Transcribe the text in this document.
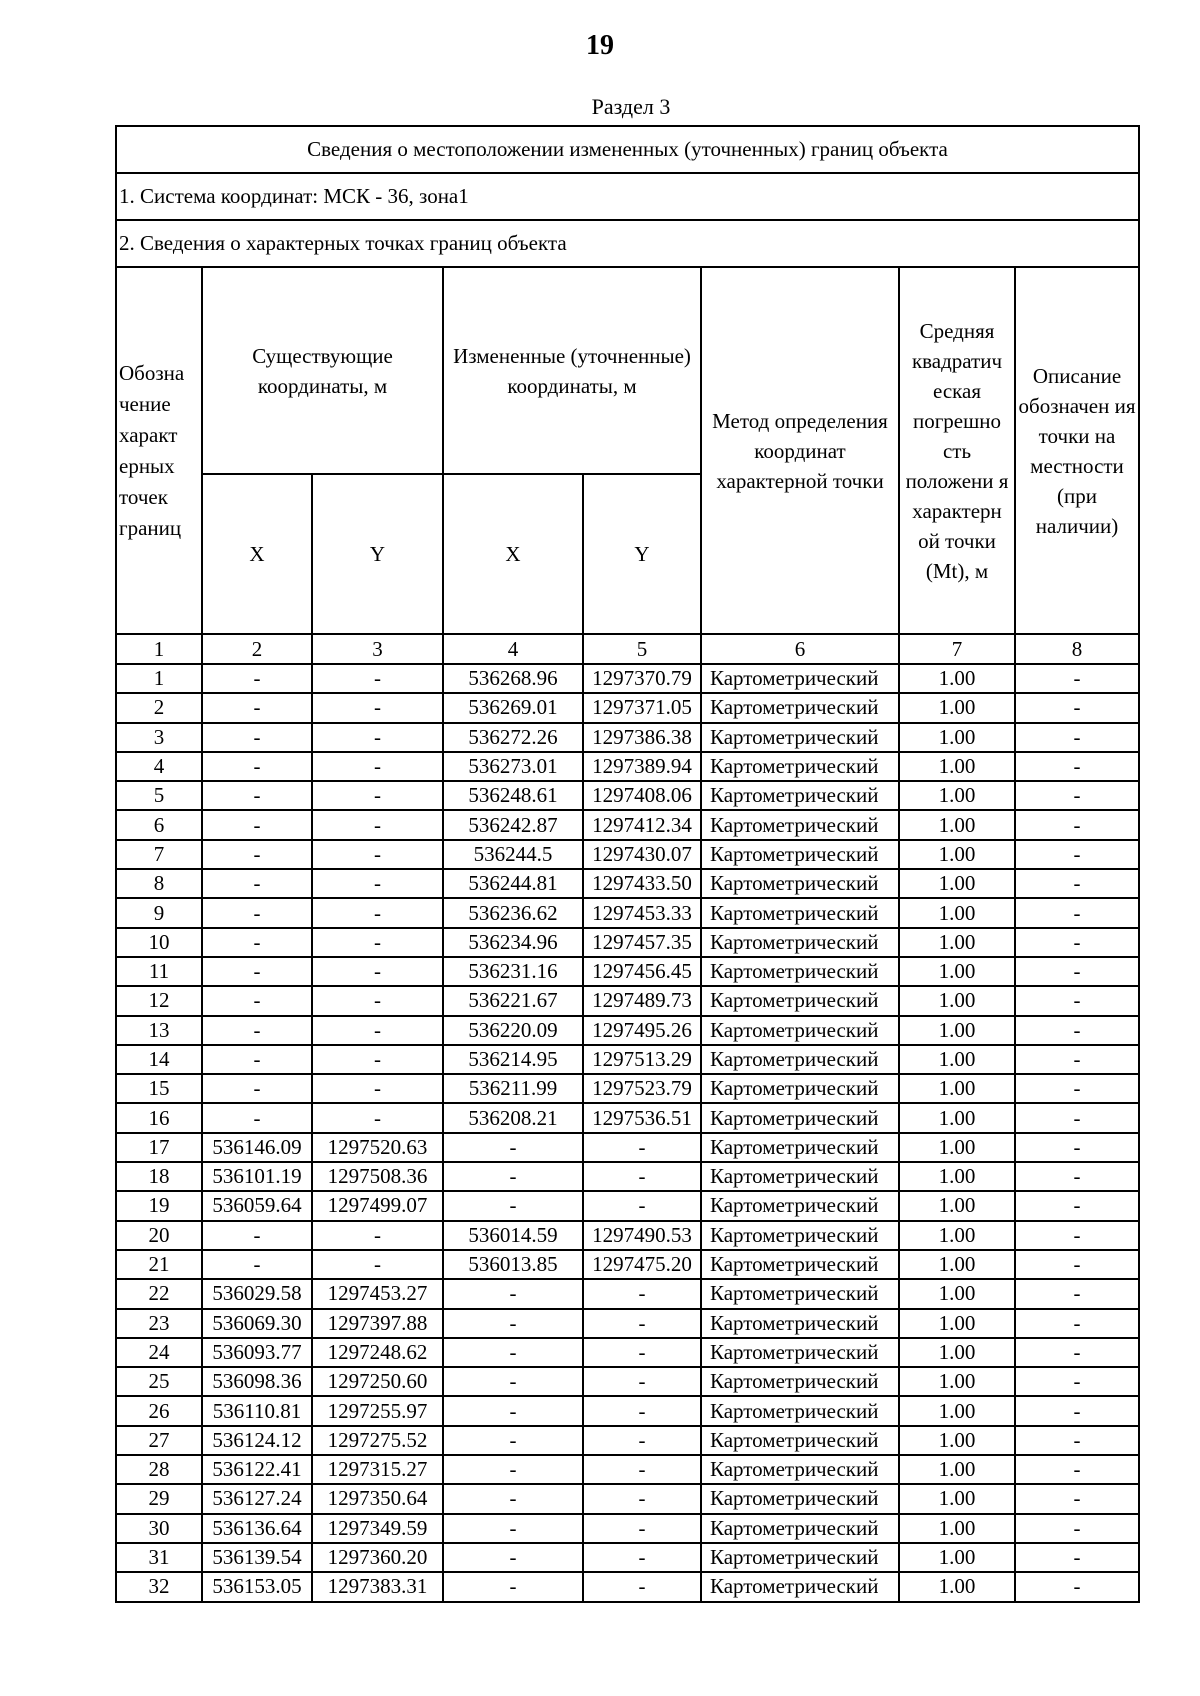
19
Раздел 3
Сведения о местоположении измененных (уточненных) границ объекта							
1. Система координат: МСК - 36, зона1							
2. Сведения о характерных точках границ объекта							
Обозна чение характ ерных точек границ	Существующие координаты, м		Измененные (уточненные) координаты, м		Метод определения координат характерной точки	Средняя квадратич еская погрешно сть положени я характерн ой точки (Mt), м	Описание обозначен ия точки на местности (при наличии)
	X	Y	X	Y			
1	2	3	4	5	6	7	8
1	-	-	536268.96	1297370.79	Картометрический	1.00	-
2	-	-	536269.01	1297371.05	Картометрический	1.00	-
3	-	-	536272.26	1297386.38	Картометрический	1.00	-
4	-	-	536273.01	1297389.94	Картометрический	1.00	-
5	-	-	536248.61	1297408.06	Картометрический	1.00	-
6	-	-	536242.87	1297412.34	Картометрический	1.00	-
7	-	-	536244.5	1297430.07	Картометрический	1.00	-
8	-	-	536244.81	1297433.50	Картометрический	1.00	-
9	-	-	536236.62	1297453.33	Картометрический	1.00	-
10	-	-	536234.96	1297457.35	Картометрический	1.00	-
11	-	-	536231.16	1297456.45	Картометрический	1.00	-
12	-	-	536221.67	1297489.73	Картометрический	1.00	-
13	-	-	536220.09	1297495.26	Картометрический	1.00	-
14	-	-	536214.95	1297513.29	Картометрический	1.00	-
15	-	-	536211.99	1297523.79	Картометрический	1.00	-
16	-	-	536208.21	1297536.51	Картометрический	1.00	-
17	536146.09	1297520.63	-	-	Картометрический	1.00	-
18	536101.19	1297508.36	-	-	Картометрический	1.00	-
19	536059.64	1297499.07	-	-	Картометрический	1.00	-
20	-	-	536014.59	1297490.53	Картометрический	1.00	-
21	-	-	536013.85	1297475.20	Картометрический	1.00	-
22	536029.58	1297453.27	-	-	Картометрический	1.00	-
23	536069.30	1297397.88	-	-	Картометрический	1.00	-
24	536093.77	1297248.62	-	-	Картометрический	1.00	-
25	536098.36	1297250.60	-	-	Картометрический	1.00	-
26	536110.81	1297255.97	-	-	Картометрический	1.00	-
27	536124.12	1297275.52	-	-	Картометрический	1.00	-
28	536122.41	1297315.27	-	-	Картометрический	1.00	-
29	536127.24	1297350.64	-	-	Картометрический	1.00	-
30	536136.64	1297349.59	-	-	Картометрический	1.00	-
31	536139.54	1297360.20	-	-	Картометрический	1.00	-
32	536153.05	1297383.31	-	-	Картометрический	1.00	-
